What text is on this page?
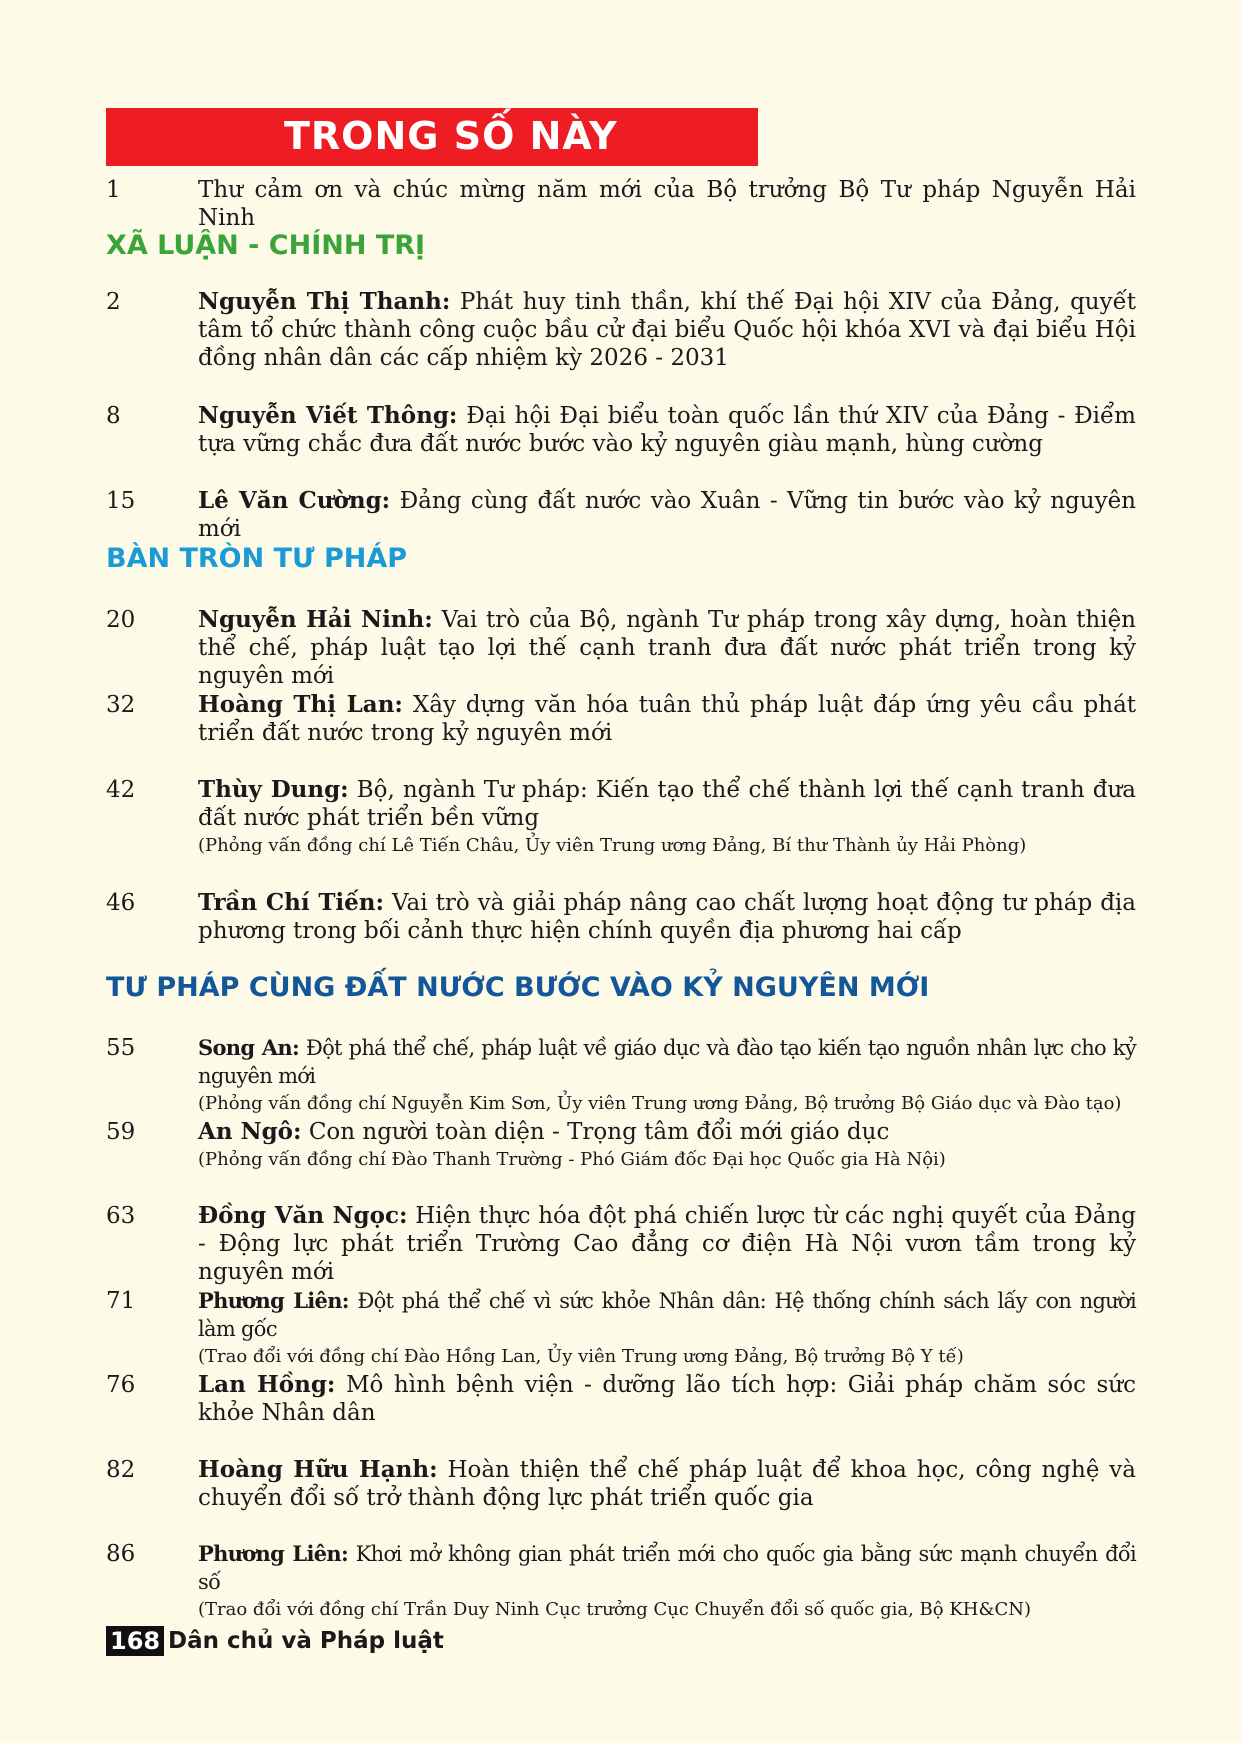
TRONG SỐ NÀY
1	Thư cảm ơn và chúc mừng năm mới của Bộ trưởng Bộ Tư pháp Nguyễn Hải Ninh
XÃ LUẬN - CHÍNH TRỊ
2	Nguyễn Thị Thanh: Phát huy tinh thần, khí thế Đại hội XIV của Đảng, quyết tâm tổ chức thành công cuộc bầu cử đại biểu Quốc hội khóa XVI và đại biểu Hội đồng nhân dân các cấp nhiệm kỳ 2026 - 2031
8	Nguyễn Viết Thông: Đại hội Đại biểu toàn quốc lần thứ XIV của Đảng - Điểm tựa vững chắc đưa đất nước bước vào kỷ nguyên giàu mạnh, hùng cường
15	Lê Văn Cường: Đảng cùng đất nước vào Xuân - Vững tin bước vào kỷ nguyên mới
BÀN TRÒN TƯ PHÁP
20	Nguyễn Hải Ninh: Vai trò của Bộ, ngành Tư pháp trong xây dựng, hoàn thiện thể chế, pháp luật tạo lợi thế cạnh tranh đưa đất nước phát triển trong kỷ nguyên mới
32	Hoàng Thị Lan: Xây dựng văn hóa tuân thủ pháp luật đáp ứng yêu cầu phát triển đất nước trong kỷ nguyên mới
42	Thùy Dung: Bộ, ngành Tư pháp: Kiến tạo thể chế thành lợi thế cạnh tranh đưa đất nước phát triển bền vững
(Phỏng vấn đồng chí Lê Tiến Châu, Ủy viên Trung ương Đảng, Bí thư Thành ủy Hải Phòng)
46	Trần Chí Tiến: Vai trò và giải pháp nâng cao chất lượng hoạt động tư pháp địa phương trong bối cảnh thực hiện chính quyền địa phương hai cấp
TƯ PHÁP CÙNG ĐẤT NƯỚC BƯỚC VÀO KỶ NGUYÊN MỚI
55	Song An: Đột phá thể chế, pháp luật về giáo dục và đào tạo kiến tạo nguồn nhân lực cho kỷ nguyên mới
(Phỏng vấn đồng chí Nguyễn Kim Sơn, Ủy viên Trung ương Đảng, Bộ trưởng Bộ Giáo dục và Đào tạo)
59	An Ngô: Con người toàn diện - Trọng tâm đổi mới giáo dục
(Phỏng vấn đồng chí Đào Thanh Trường - Phó Giám đốc Đại học Quốc gia Hà Nội)
63	Đồng Văn Ngọc: Hiện thực hóa đột phá chiến lược từ các nghị quyết của Đảng - Động lực phát triển Trường Cao đẳng cơ điện Hà Nội vươn tầm trong kỷ nguyên mới
71	Phương Liên: Đột phá thể chế vì sức khỏe Nhân dân: Hệ thống chính sách lấy con người làm gốc
(Trao đổi với đồng chí Đào Hồng Lan, Ủy viên Trung ương Đảng, Bộ trưởng Bộ Y tế)
76	Lan Hồng: Mô hình bệnh viện - dưỡng lão tích hợp: Giải pháp chăm sóc sức khỏe Nhân dân
82	Hoàng Hữu Hạnh: Hoàn thiện thể chế pháp luật để khoa học, công nghệ và chuyển đổi số trở thành động lực phát triển quốc gia
86	Phương Liên: Khơi mở không gian phát triển mới cho quốc gia bằng sức mạnh chuyển đổi số
(Trao đổi với đồng chí Trần Duy Ninh Cục trưởng Cục Chuyển đổi số quốc gia, Bộ KH&CN)
168 Dân chủ và Pháp luật
